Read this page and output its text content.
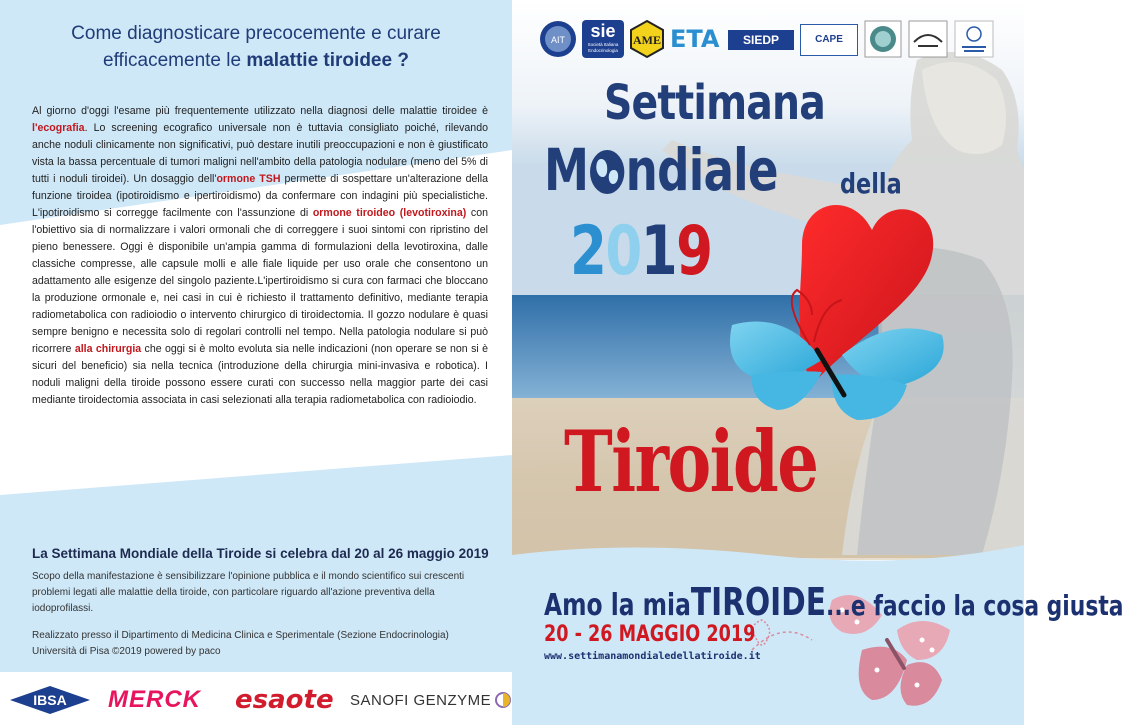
Come diagnosticare precocemente e curare
efficacemente le malattie tiroidee ?
Al giorno d'oggi l'esame più frequentemente utilizzato nella diagnosi delle malattie tiroidee è l'ecografia. Lo screening ecografico universale non è tuttavia consigliato poiché, rilevando anche noduli clinicamente non significativi, può destare inutili preoccupazioni e non è giustificato vista la bassa percentuale di tumori maligni nell'ambito della patologia nodulare (meno del 5% di tutti i noduli tiroidei). Un dosaggio dell'ormone TSH permette di sospettare un'alterazione della funzione tiroidea (ipotiroidismo e ipertiroidismo) da confermare con indagini più specialistiche. L'ipotiroidismo si corregge facilmente con l'assunzione di ormone tiroideo (levotiroxina) con l'obiettivo sia di normalizzare i valori ormonali che di correggere i suoi sintomi con ripristino del pieno benessere. Oggi è disponibile un'ampia gamma di formulazioni della levotiroxina, dalle classiche compresse, alle capsule molli e alle fiale liquide per uso orale che consentono un adattamento alle esigenze del singolo paziente.L'ipertiroidismo si cura con farmaci che bloccano la produzione ormonale e, nei casi in cui è richiesto il trattamento definitivo, mediante terapia radiometabolica con radioiodio o intervento chirurgico di tiroidectomia. Il gozzo nodulare è quasi sempre benigno e necessita solo di regolari controlli nel tempo. Nella patologia nodulare si può ricorrere alla chirurgia che oggi si è molto evoluta sia nelle indicazioni (non operare se non si è sicuri del beneficio) sia nella tecnica (introduzione della chirurgia mini-invasiva e robotica). I noduli maligni della tiroide possono essere curati con successo nella maggior parte dei casi mediante tiroidectomia associata in casi selezionati alla terapia radiometabolica con radioiodio.
La Settimana Mondiale della Tiroide si celebra dal 20 al 26 maggio 2019
Scopo della manifestazione è sensibilizzare l'opinione pubblica e il mondo scientifico sui crescenti problemi legati alle malattie della tiroide, con particolare riguardo all'azione preventiva della iodoprofilassi.
Realizzato presso il Dipartimento di Medicina Clinica e Sperimentale (Sezione Endocrinologia)
Università di Pisa ©2019 powered by paco
IBSA MERCK esaote SANOFI GENZYME
AIT	sie
Società Italiana Endocrinologia
AME ETA	SIEDP	CAPE
Settimana
M ndiale della
2019
Tiroide
Amo la miaTIROIDE...e faccio la cosa giusta
20 - 26 MAGGIO 2019
www.settimanamondialedellatiroide.it
